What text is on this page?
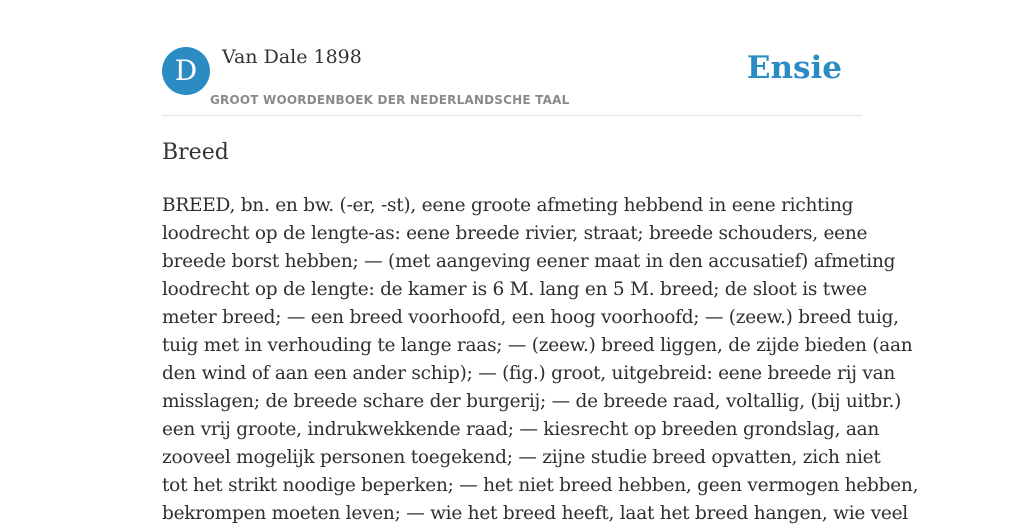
D	Van Dale 1898
GROOT WOORDENBOEK DER NEDERLANDSCHE TAAL
Ensie
Breed

BREED, bn. en bw. (-er, -st), eene groote afmeting hebbend in eene richting
loodrecht op de lengte-as: eene breede rivier, straat; breede schouders, eene
breede borst hebben; — (met aangeving eener maat in den accusatief) afmeting
loodrecht op de lengte: de kamer is 6 M. lang en 5 M. breed; de sloot is twee
meter breed; — een breed voorhoofd, een hoog voorhoofd; — (zeew.) breed tuig,
tuig met in verhouding te lange raas; — (zeew.) breed liggen, de zijde bieden (aan
den wind of aan een ander schip); — (fig.) groot, uitgebreid: eene breede rij van
misslagen; de breede schare der burgerij; — de breede raad, voltallig, (bij uitbr.)
een vrij groote, indrukwekkende raad; — kiesrecht op breeden grondslag, aan
zooveel mogelijk personen toegekend; — zijne studie breed opvatten, zich niet
tot het strikt noodige beperken; — het niet breed hebben, geen vermogen hebben,
bekrompen moeten leven; — wie het breed heeft, laat het breed hangen, wie veel
